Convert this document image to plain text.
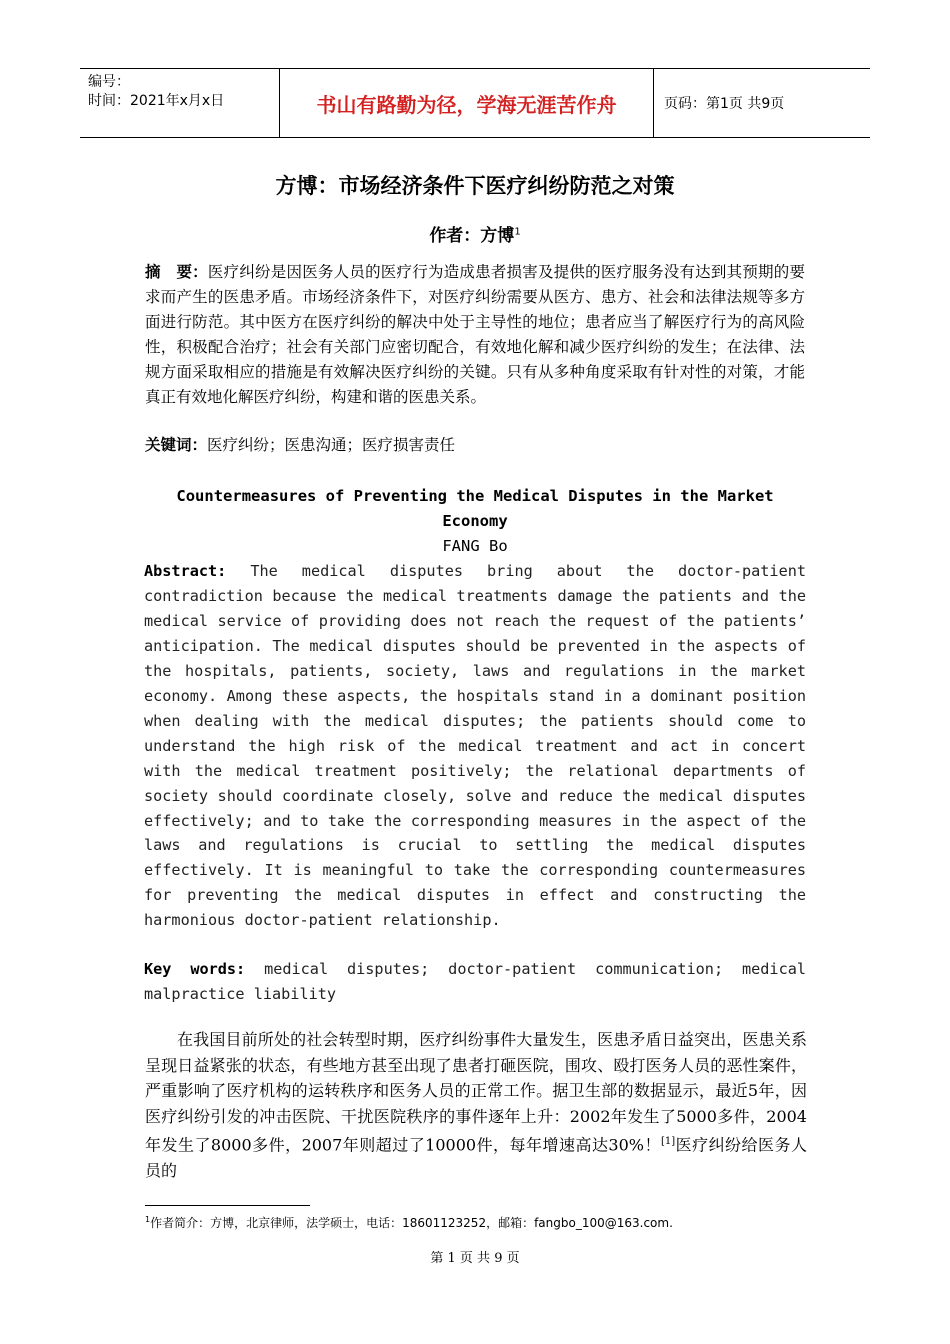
编号：
时间：2021年x月x日	书山有路勤为径，学海无涯苦作舟	页码：第1页 共9页
方博：市场经济条件下医疗纠纷防范之对策
作者：方博$^1$
摘　要：医疗纠纷是因医务人员的医疗行为造成患者损害及提供的医疗服务没有达到其预期的要求而产生的医患矛盾。市场经济条件下，对医疗纠纷需要从医方、患方、社会和法律法规等多方面进行防范。其中医方在医疗纠纷的解决中处于主导性的地位；患者应当了解医疗行为的高风险性，积极配合治疗；社会有关部门应密切配合，有效地化解和减少医疗纠纷的发生；在法律、法规方面采取相应的措施是有效解决医疗纠纷的关键。只有从多种角度采取有针对性的对策，才能真正有效地化解医疗纠纷，构建和谐的医患关系。
关键词：医疗纠纷；医患沟通；医疗损害责任
Countermeasures of Preventing the Medical Disputes in the Market Economy
FANG Bo
Abstract: The medical disputes bring about the doctor-patient contradiction because the medical treatments damage the patients and the medical service of providing does not reach the request of the patients’ anticipation. The medical disputes should be prevented in the aspects of the hospitals, patients, society, laws and regulations in the market economy. Among these aspects, the hospitals stand in a dominant position when dealing with the medical disputes; the patients should come to understand the high risk of the medical treatment and act in concert with the medical treatment positively; the relational departments of society should coordinate closely, solve and reduce the medical disputes effectively; and to take the corresponding measures in the aspect of the laws and regulations is crucial to settling the medical disputes effectively. It is meaningful to take the corresponding countermeasures for preventing the medical disputes in effect and constructing the harmonious doctor-patient relationship.
Key words: medical disputes; doctor-patient communication; medical malpractice liability
在我国目前所处的社会转型时期，医疗纠纷事件大量发生，医患矛盾日益突出，医患关系呈现日益紧张的状态，有些地方甚至出现了患者打砸医院，围攻、殴打医务人员的恶性案件，严重影响了医疗机构的运转秩序和医务人员的正常工作。据卫生部的数据显示，最近5年，因医疗纠纷引发的冲击医院、干扰医院秩序的事件逐年上升：2002年发生了5000多件，2004年发生了8000多件，2007年则超过了10000件，每年增速高达30%！[1]医疗纠纷给医务人员的
$^1$作者简介：方博，北京律师，法学硕士，电话：18601123252，邮箱：fangbo_100@163.com.
第 1 页 共 9 页
